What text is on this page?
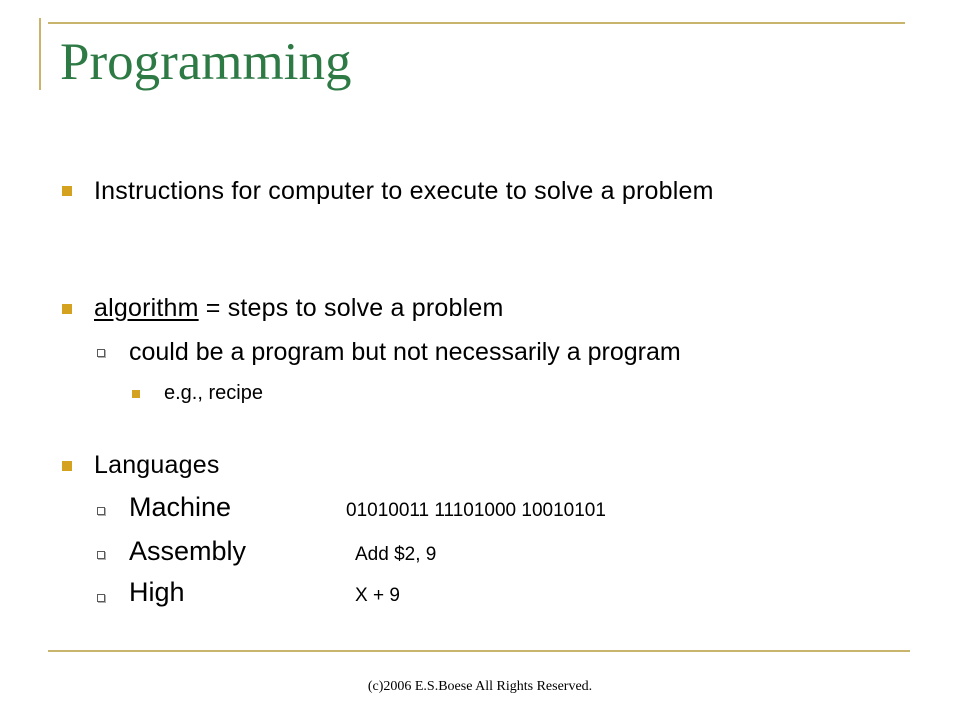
Programming
Instructions for computer to execute to solve a problem
algorithm = steps to solve a problem
could be a program but not necessarily a program
e.g., recipe
Languages
Machine	01010011 11101000 10010101
Assembly	Add $2, 9
High	X + 9
(c)2006 E.S.Boese All Rights Reserved.
